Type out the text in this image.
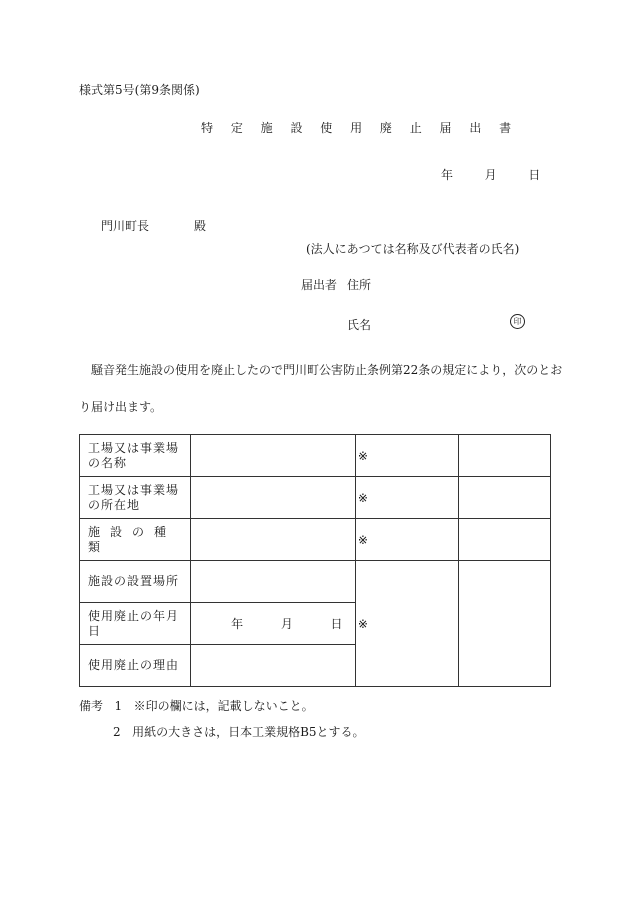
様式第5号(第9条関係)
特 定 施 設 使 用 廃 止 届 出 書
年	月	日
門川町長	殿
(法人にあつては名称及び代表者の氏名)
届出者 住所
氏名	印
騒音発生施設の使用を廃止したので門川町公害防止条例第22条の規定により，次のとお
り届け出ます。
工場又は事業場の名称		※	
工場又は事業場の所在地		※	
施設の種類		※	
施設の設置場所		※	
使用廃止の年月日	年 月 日		
使用廃止の理由			
備考 1 ※印の欄には，記載しないこと。
2 用紙の大きさは，日本工業規格B5とする。
